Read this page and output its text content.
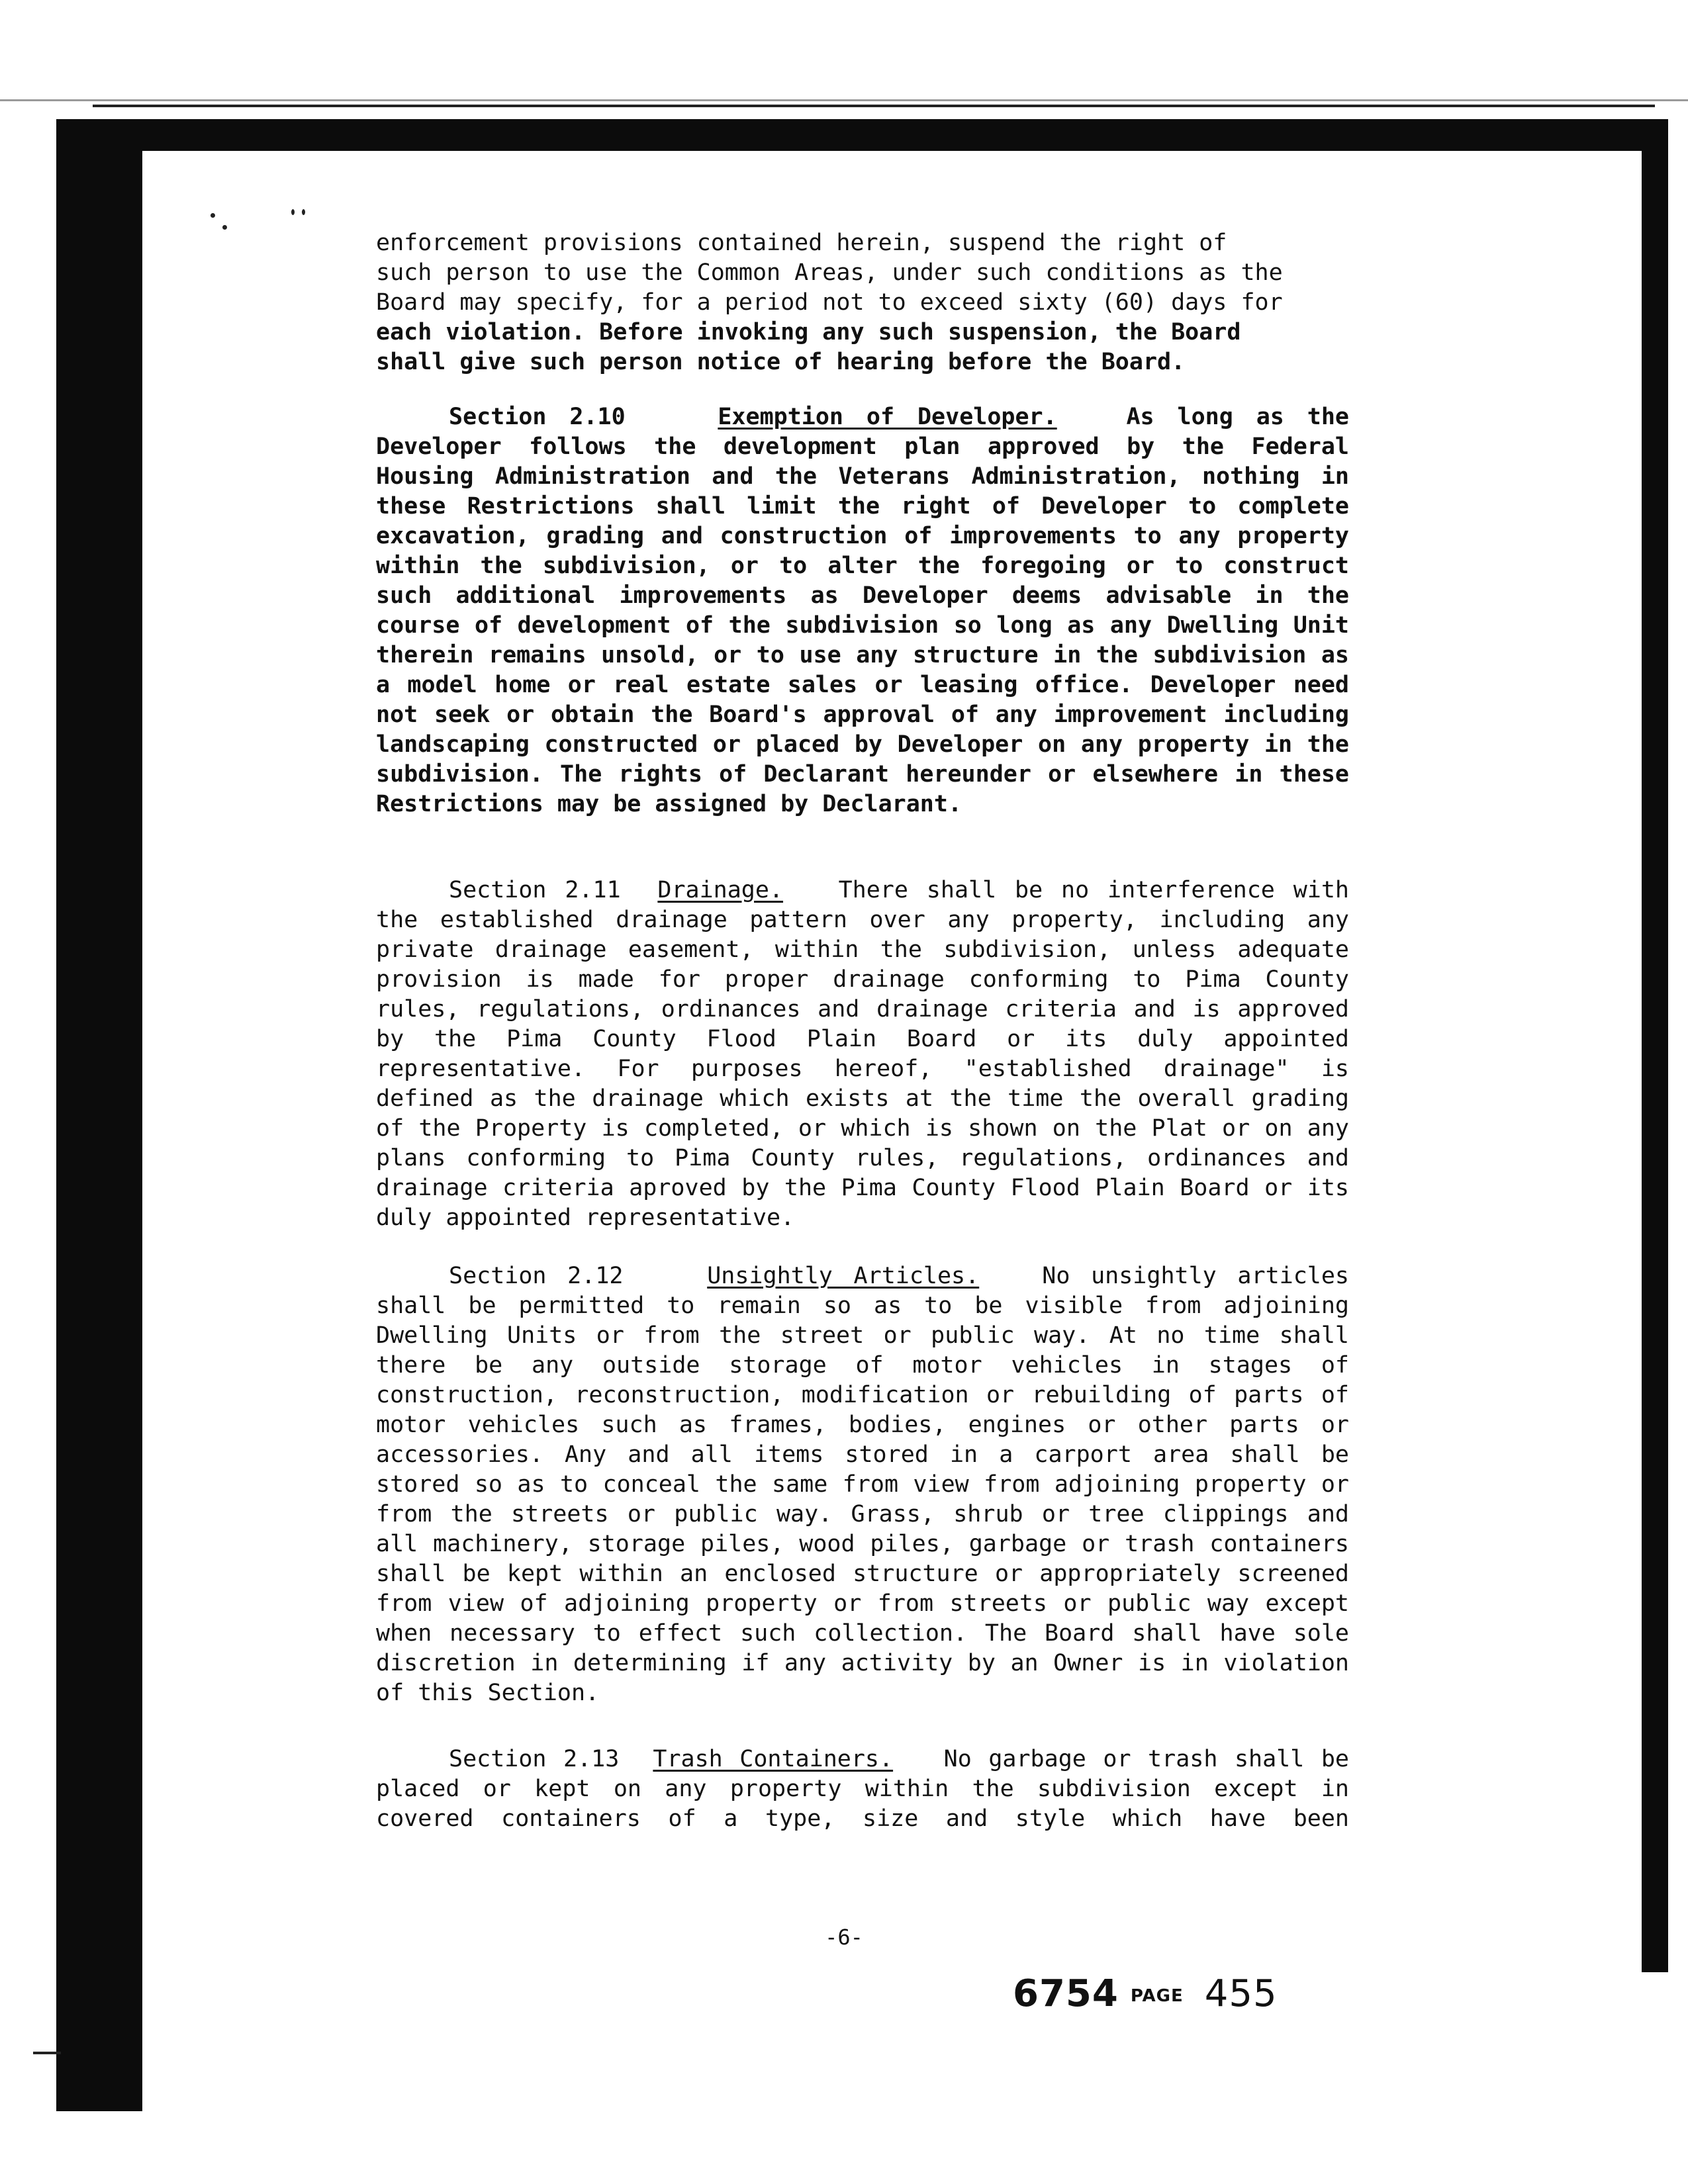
enforcement provisions contained herein, suspend the right of

such person to use the Common Areas, under such conditions as the

Board may specify, for a period not to exceed sixty (60) days for

each violation. Before invoking any such suspension, the Board

shall give such person notice of hearing before the Board.

Section 2.10	Exemption of Developer.	As long as the Developer follows the development plan approved by the Federal Housing Administration and the Veterans Administration, nothing in these Restrictions shall limit the right of Developer to complete excavation, grading and construction of improvements to any property within the subdivision, or to alter the foregoing or to construct such additional improvements as Developer deems advisable in the course of development of the subdivision so long as any Dwelling Unit therein remains unsold, or to use any structure in the subdivision as a model home or real estate sales or leasing office. Developer need not seek or obtain the Board's approval of any improvement including landscaping constructed or placed by Developer on any property in the subdivision. The rights of Declarant hereunder or elsewhere in these Restrictions may be assigned by Declarant.

Section 2.11 Drainage. There shall be no interference with the established drainage pattern over any property, including any private drainage easement, within the subdivision, unless adequate provision is made for proper drainage conforming to Pima County rules, regulations, ordinances and drainage criteria and is approved by the Pima County Flood Plain Board or its duly appointed representative. For purposes hereof, "established drainage" is defined as the drainage which exists at the time the overall grading of the Property is completed, or which is shown on the Plat or on any plans conforming to Pima County rules, regulations, ordinances and drainage criteria aproved by the Pima County Flood Plain Board or its duly appointed representative.

Section 2.12	Unsightly Articles.	No unsightly articles shall be permitted to remain so as to be visible from adjoining Dwelling Units or from the street or public way. At no time shall there be any outside storage of motor vehicles in stages of construction, reconstruction, modification or rebuilding of parts of motor vehicles such as frames, bodies, engines or other parts or accessories. Any and all items stored in a carport area shall be stored so as to conceal the same from view from adjoining property or from the streets or public way. Grass, shrub or tree clippings and all machinery, storage piles, wood piles, garbage or trash containers shall be kept within an enclosed structure or appropriately screened from view of adjoining property or from streets or public way except when necessary to effect such collection. The Board shall have sole discretion in determining if any activity by an Owner is in violation of this Section.

Section 2.13 Trash Containers. No garbage or trash shall be placed or kept on any property within the subdivision except in covered containers of a type, size and style which have been

-6-
6754 PAGE 455
